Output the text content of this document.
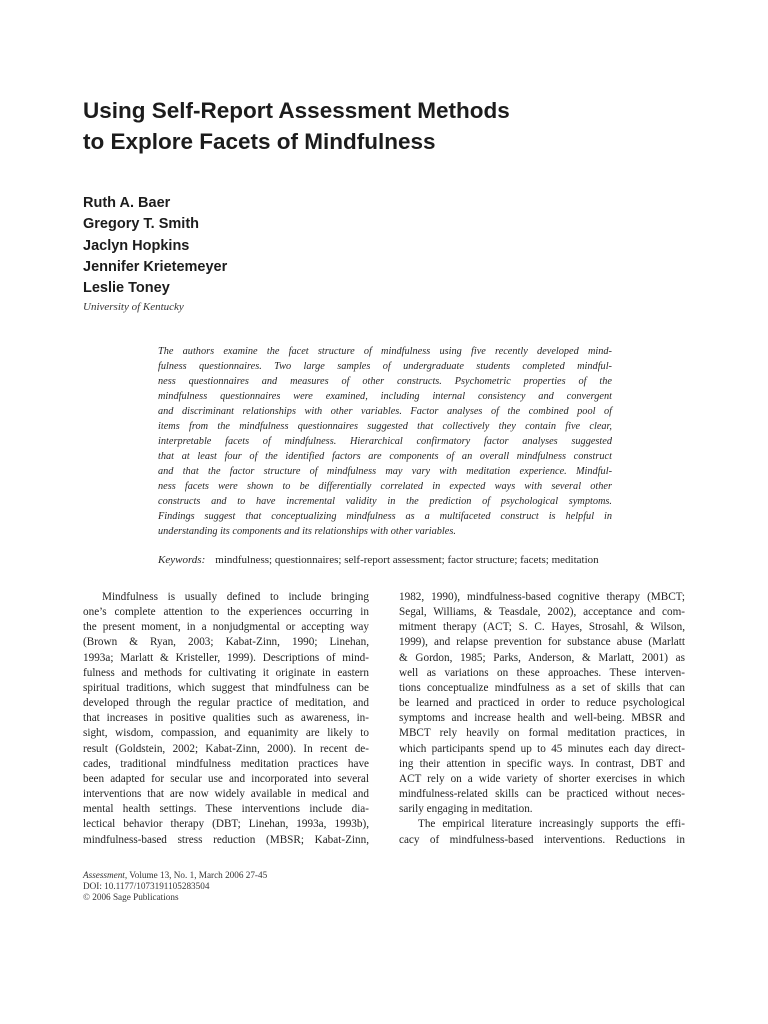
Using Self-Report Assessment Methods
to Explore Facets of Mindfulness
Ruth A. Baer
Gregory T. Smith
Jaclyn Hopkins
Jennifer Krietemeyer
Leslie Toney
University of Kentucky
The authors examine the facet structure of mindfulness using five recently developed mind-
fulness questionnaires. Two large samples of undergraduate students completed mindful-
ness questionnaires and measures of other constructs. Psychometric properties of the
mindfulness questionnaires were examined, including internal consistency and convergent
and discriminant relationships with other variables. Factor analyses of the combined pool of
items from the mindfulness questionnaires suggested that collectively they contain five clear,
interpretable facets of mindfulness. Hierarchical confirmatory factor analyses suggested
that at least four of the identified factors are components of an overall mindfulness construct
and that the factor structure of mindfulness may vary with meditation experience. Mindful-
ness facets were shown to be differentially correlated in expected ways with several other
constructs and to have incremental validity in the prediction of psychological symptoms.
Findings suggest that conceptualizing mindfulness as a multifaceted construct is helpful in
understanding its components and its relationships with other variables.
Keywords: mindfulness; questionnaires; self-report assessment; factor structure; facets; meditation
Mindfulness is usually defined to include bringing
one’s complete attention to the experiences occurring in
the present moment, in a nonjudgmental or accepting way
(Brown & Ryan, 2003; Kabat-Zinn, 1990; Linehan,
1993a; Marlatt & Kristeller, 1999). Descriptions of mind-
fulness and methods for cultivating it originate in eastern
spiritual traditions, which suggest that mindfulness can be
developed through the regular practice of meditation, and
that increases in positive qualities such as awareness, in-
sight, wisdom, compassion, and equanimity are likely to
result (Goldstein, 2002; Kabat-Zinn, 2000). In recent de-
cades, traditional mindfulness meditation practices have
been adapted for secular use and incorporated into several
interventions that are now widely available in medical and
mental health settings. These interventions include dia-
lectical behavior therapy (DBT; Linehan, 1993a, 1993b),
mindfulness-based stress reduction (MBSR; Kabat-Zinn,
1982, 1990), mindfulness-based cognitive therapy (MBCT;
Segal, Williams, & Teasdale, 2002), acceptance and com-
mitment therapy (ACT; S. C. Hayes, Strosahl, & Wilson,
1999), and relapse prevention for substance abuse (Marlatt
& Gordon, 1985; Parks, Anderson, & Marlatt, 2001) as
well as variations on these approaches. These interven-
tions conceptualize mindfulness as a set of skills that can
be learned and practiced in order to reduce psychological
symptoms and increase health and well-being. MBSR and
MBCT rely heavily on formal meditation practices, in
which participants spend up to 45 minutes each day direct-
ing their attention in specific ways. In contrast, DBT and
ACT rely on a wide variety of shorter exercises in which
mindfulness-related skills can be practiced without neces-
sarily engaging in meditation.
The empirical literature increasingly supports the effi-
cacy of mindfulness-based interventions. Reductions in
Assessment, Volume 13, No. 1, March 2006 27-45
DOI: 10.1177/1073191105283504
© 2006 Sage Publications
